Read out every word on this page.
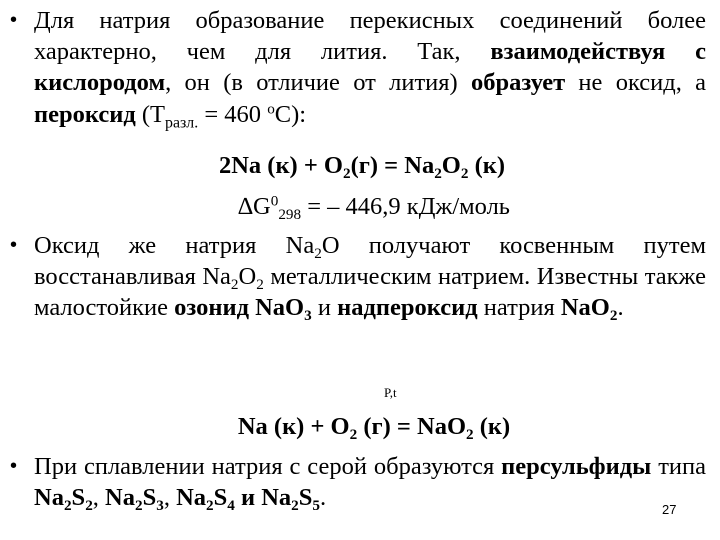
• Для натрия образование перекисных соединений более характерно, чем для лития. Так, взаимодействуя с кислородом, он (в отличие от лития) образует не оксид, а пероксид ($T_{разл.} = 460$ $^о$C):
2Na $(к) + O_2(г) = Na_2O_2$ (к)
$\Delta G^0_{298}$ = – 446,9 кДж/моль
• Оксид же натрия $Na_2O$ получают косвенным путем восстанавливая $Na_2O_2$ металлическим натрием. Известны также малостойкие озонид NaO$_3$ и надпероксид натрия NaO$_2$.
P,t
Na $(к) + O_2$ (г) = NaO$_2$ (к)
• При сплавлении натрия с серой образуются персульфиды типа $Na_2S_2$, $Na_2S_3$, $Na_2S_4$ и $Na_2S_5$.	27
